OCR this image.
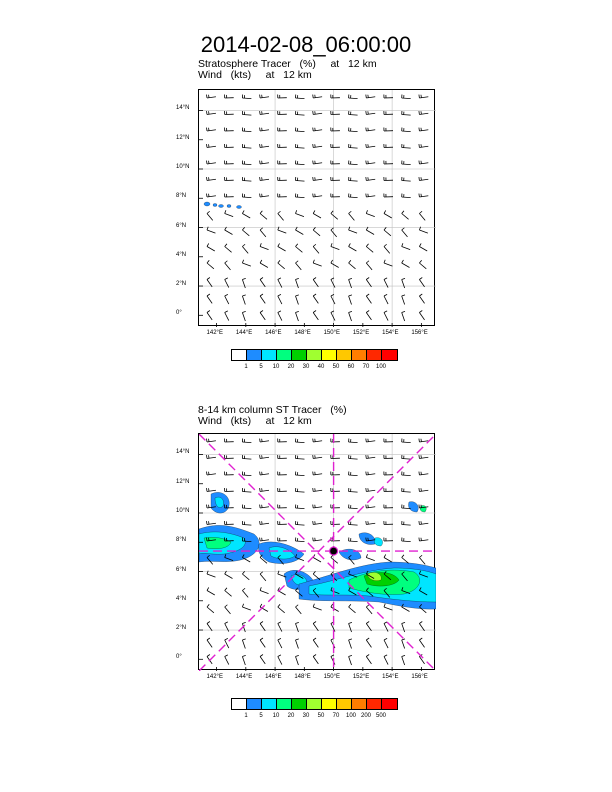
2014-02-08_06:00:00
Stratosphere Tracer   (%)     at   12 km
Wind   (kts)     at   12 km
8-14 km column ST Tracer   (%)
Wind   (kts)     at   12 km
142°E 144°E 146°E 148°E 150°E 152°E 154°E 156°E
14°N
12°N
10°N
8°N
6°N
4°N
2°N
0°
142°E 144°E 146°E 148°E 150°E 152°E 154°E 156°E
14°N
12°N
10°N
8°N
6°N
4°N
2°N
0°
1 5 10 20 30 40 50 60 70 100
1 5 10 20 30 50 70 100 200 500
